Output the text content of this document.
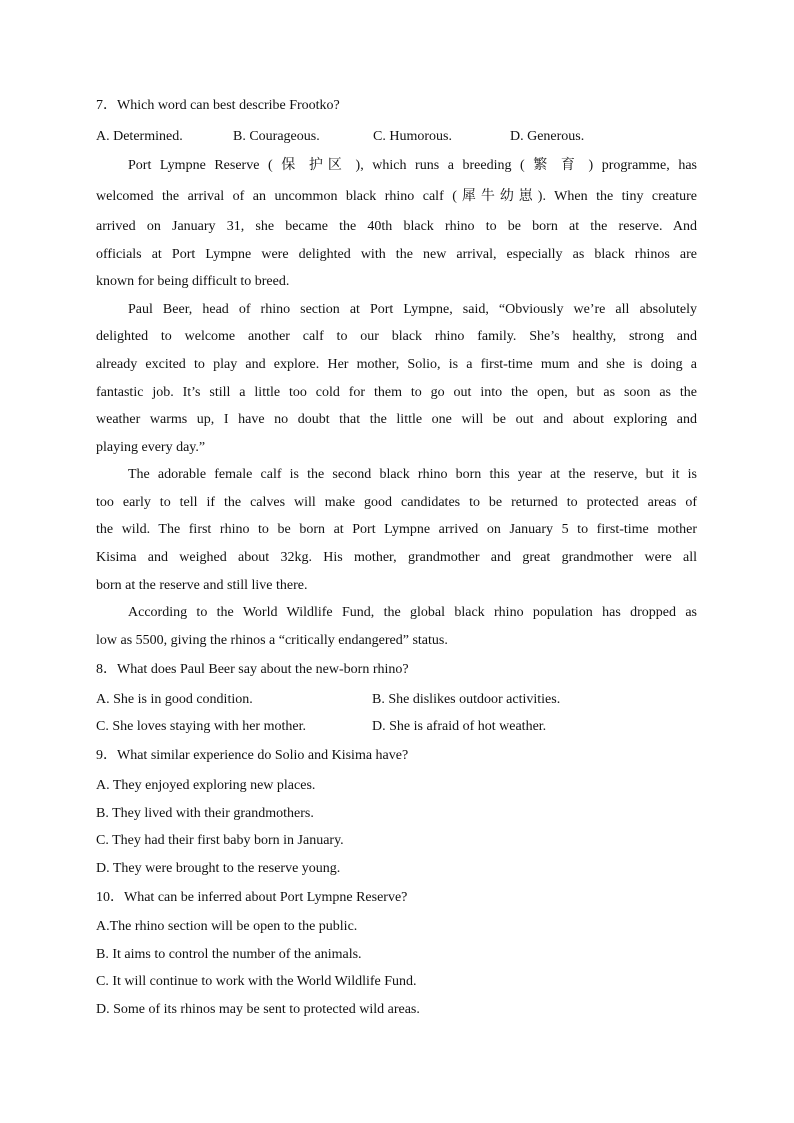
7．Which word can best describe Frootko?
A. Determined.	B. Courageous.	C. Humorous.	D. Generous.
Port Lympne Reserve ( 保 护区 ), which runs a breeding ( 繁 育 ) programme, has
welcomed the arrival of an uncommon black rhino calf (犀牛幼崽). When the tiny creature
arrived on January 31, she became the 40th black rhino to be born at the reserve. And
officials at Port Lympne were delighted with the new arrival, especially as black rhinos are
known for being difficult to breed.
Paul Beer, head of rhino section at Port Lympne, said, “Obviously we’re all absolutely
delighted to welcome another calf to our black rhino family. She’s healthy, strong and
already excited to play and explore. Her mother, Solio, is a first-time mum and she is doing a
fantastic job. It’s still a little too cold for them to go out into the open, but as soon as the
weather warms up, I have no doubt that the little one will be out and about exploring and
playing every day.”
The adorable female calf is the second black rhino born this year at the reserve, but it is
too early to tell if the calves will make good candidates to be returned to protected areas of
the wild. The first rhino to be born at Port Lympne arrived on January 5 to first-time mother
Kisima and weighed about 32kg. His mother, grandmother and great grandmother were all
born at the reserve and still live there.
According to the World Wildlife Fund, the global black rhino population has dropped as
low as 5500, giving the rhinos a “critically endangered” status.
8．What does Paul Beer say about the new-born rhino?
A. She is in good condition.	B. She dislikes outdoor activities.
C. She loves staying with her mother.	D. She is afraid of hot weather.
9．What similar experience do Solio and Kisima have?
A. They enjoyed exploring new places.
B. They lived with their grandmothers.
C. They had their first baby born in January.
D. They were brought to the reserve young.
10．What can be inferred about Port Lympne Reserve?
A.The rhino section will be open to the public.
B. It aims to control the number of the animals.
C. It will continue to work with the World Wildlife Fund.
D. Some of its rhinos may be sent to protected wild areas.
